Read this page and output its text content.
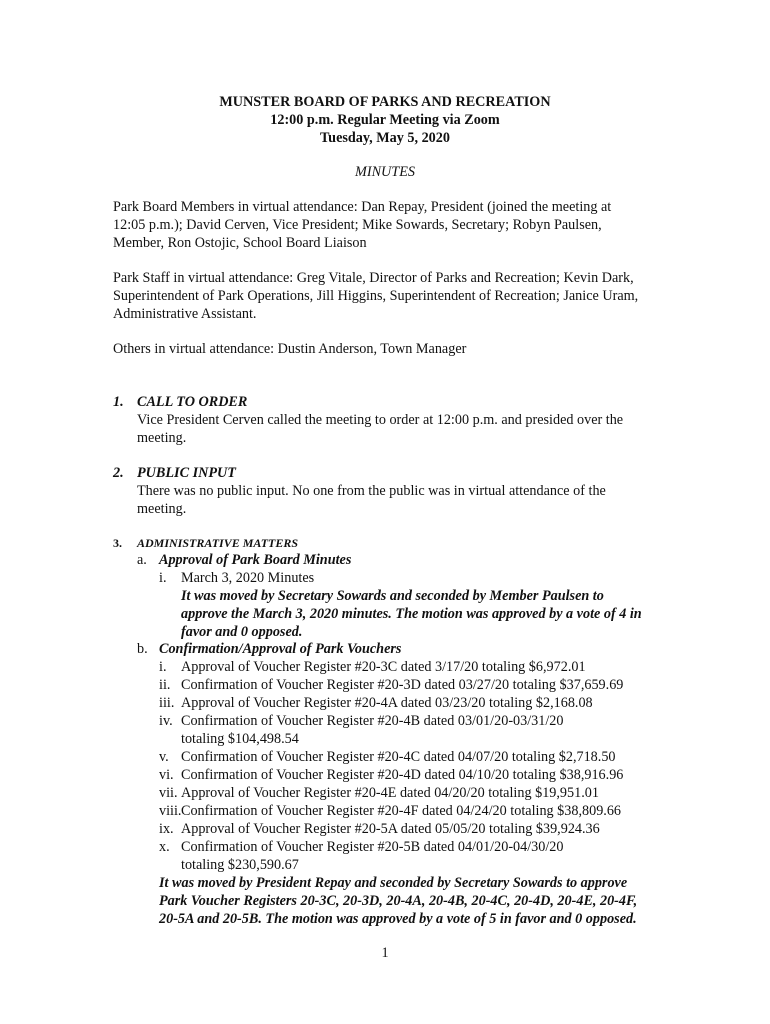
MUNSTER BOARD OF PARKS AND RECREATION
12:00 p.m. Regular Meeting via Zoom
Tuesday, May 5, 2020
MINUTES
Park Board Members in virtual attendance: Dan Repay, President (joined the meeting at
12:05 p.m.); David Cerven, Vice President; Mike Sowards, Secretary; Robyn Paulsen,
Member, Ron Ostojic, School Board Liaison
Park Staff in virtual attendance: Greg Vitale, Director of Parks and Recreation; Kevin Dark,
Superintendent of Park Operations, Jill Higgins, Superintendent of Recreation; Janice Uram,
Administrative Assistant.
Others in virtual attendance: Dustin Anderson, Town Manager
1. CALL TO ORDER
Vice President Cerven called the meeting to order at 12:00 p.m. and presided over the
meeting.
2. PUBLIC INPUT
There was no public input. No one from the public was in virtual attendance of the
meeting.
3. ADMINISTRATIVE MATTERS
a. Approval of Park Board Minutes
i. March 3, 2020 Minutes
It was moved by Secretary Sowards and seconded by Member Paulsen to
approve the March 3, 2020 minutes. The motion was approved by a vote of 4 in
favor and 0 opposed.
b. Confirmation/Approval of Park Vouchers
i. Approval of Voucher Register #20-3C dated 3/17/20 totaling $6,972.01
ii. Confirmation of Voucher Register #20-3D dated 03/27/20 totaling $37,659.69
iii. Approval of Voucher Register #20-4A dated 03/23/20 totaling $2,168.08
iv. Confirmation of Voucher Register #20-4B dated 03/01/20-03/31/20
totaling $104,498.54
v. Confirmation of Voucher Register #20-4C dated 04/07/20 totaling $2,718.50
vi. Confirmation of Voucher Register #20-4D dated 04/10/20 totaling $38,916.96
vii. Approval of Voucher Register #20-4E dated 04/20/20 totaling $19,951.01
viii. Confirmation of Voucher Register #20-4F dated 04/24/20 totaling $38,809.66
ix. Approval of Voucher Register #20-5A dated 05/05/20 totaling $39,924.36
x. Confirmation of Voucher Register #20-5B dated 04/01/20-04/30/20
totaling $230,590.67
It was moved by President Repay and seconded by Secretary Sowards to approve
Park Voucher Registers 20-3C, 20-3D, 20-4A, 20-4B, 20-4C, 20-4D, 20-4E, 20-4F,
20-5A and 20-5B. The motion was approved by a vote of 5 in favor and 0 opposed.
1
